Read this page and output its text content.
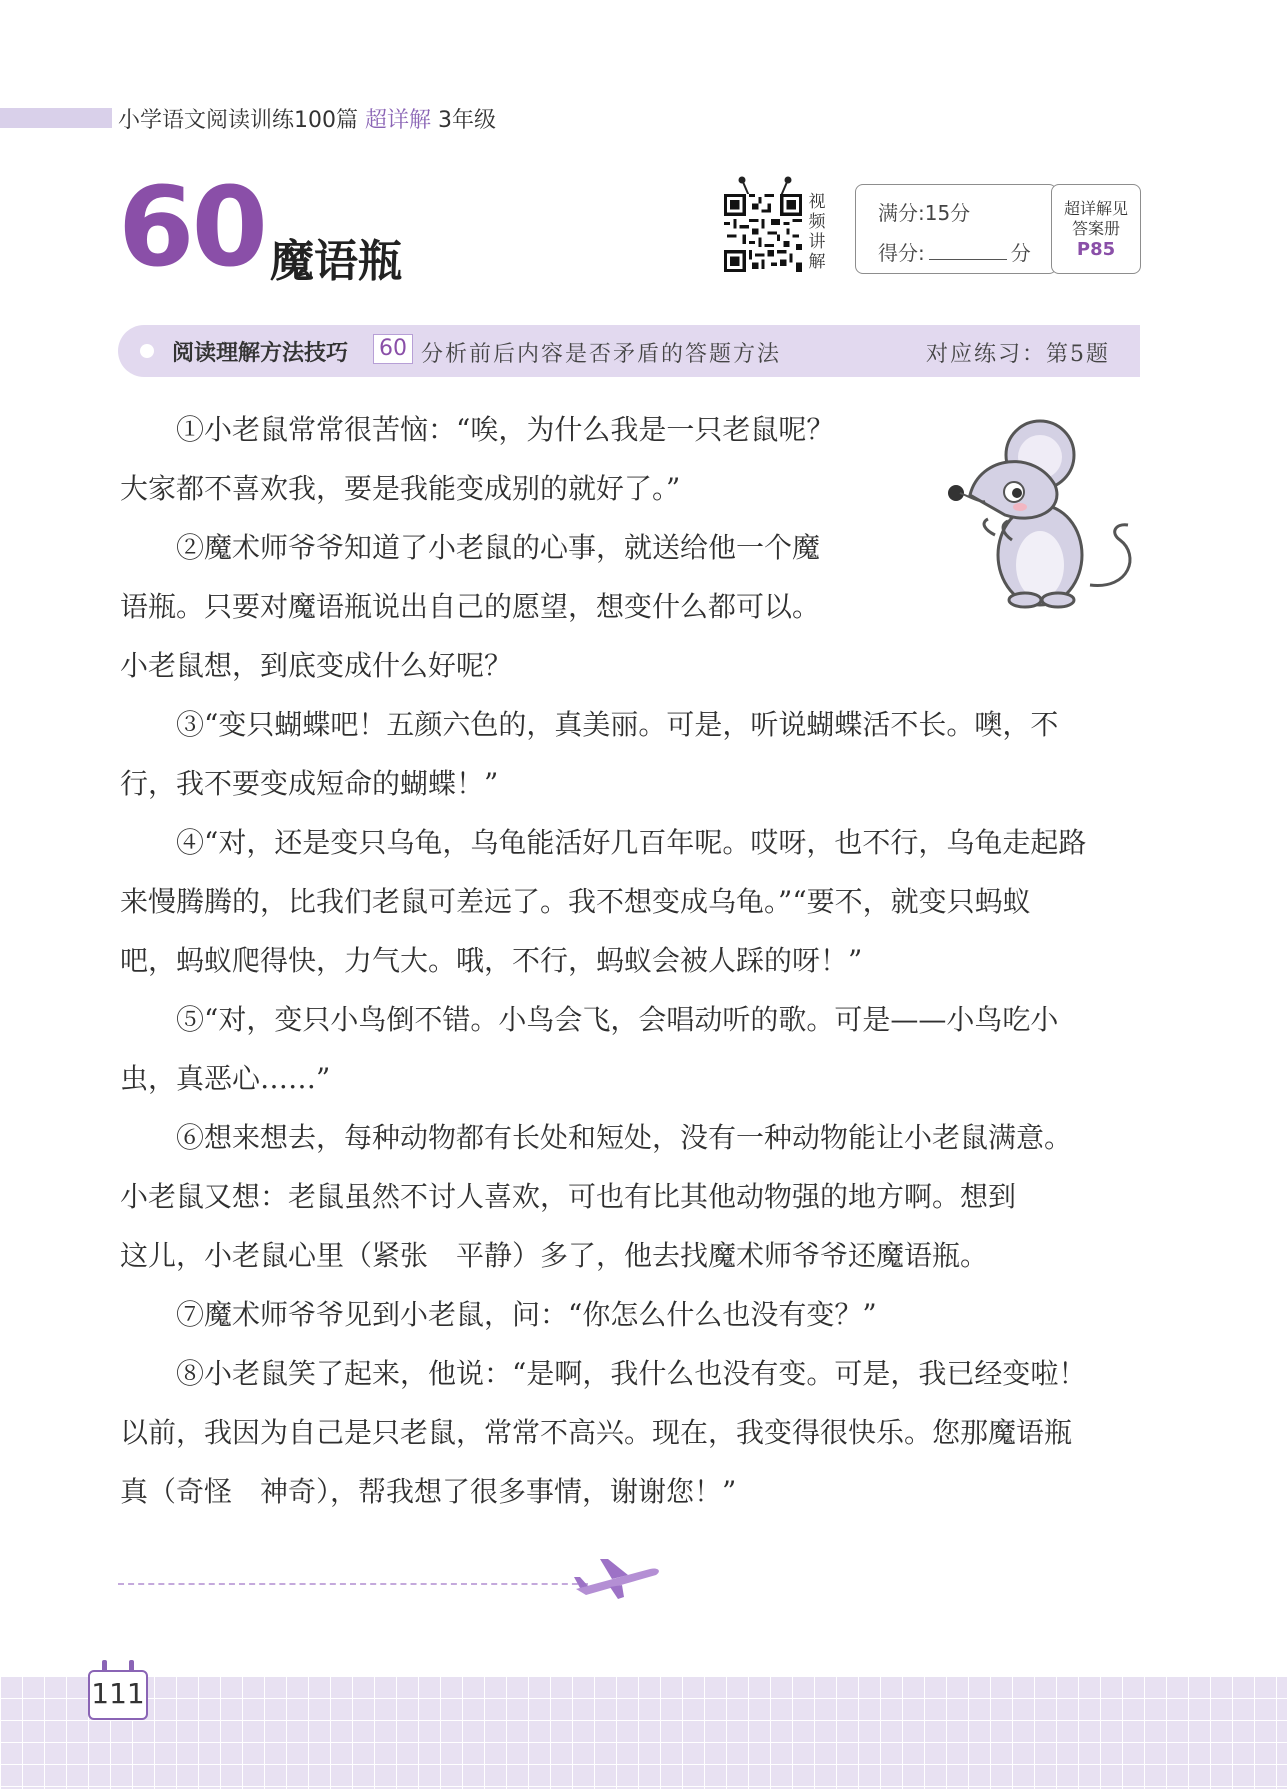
小学语文阅读训练100篇 超详解 3年级
60 魔语瓶
视
频
讲
解
满分:15分
得分:	分
超详解见
答案册
P85
阅读理解方法技巧 60 分析前后内容是否矛盾的答题方法	对应练习：第5题
　　①小老鼠常常很苦恼：“唉，为什么我是一只老鼠呢？
大家都不喜欢我，要是我能变成别的就好了。”
　　②魔术师爷爷知道了小老鼠的心事，就送给他一个魔
语瓶。只要对魔语瓶说出自己的愿望，想变什么都可以。
小老鼠想，到底变成什么好呢？
　　③“变只蝴蝶吧！五颜六色的，真美丽。可是，听说蝴蝶活不长。噢，不
行，我不要变成短命的蝴蝶！”
　　④“对，还是变只乌龟，乌龟能活好几百年呢。哎呀，也不行，乌龟走起路
来慢腾腾的，比我们老鼠可差远了。我不想变成乌龟。”“要不，就变只蚂蚁
吧，蚂蚁爬得快，力气大。哦，不行，蚂蚁会被人踩的呀！”
　　⑤“对，变只小鸟倒不错。小鸟会飞，会唱动听的歌。可是——小鸟吃小
虫，真恶心……”
　　⑥想来想去，每种动物都有长处和短处，没有一种动物能让小老鼠满意。
小老鼠又想：老鼠虽然不讨人喜欢，可也有比其他动物强的地方啊。想到
这儿，小老鼠心里（紧张　平静）多了，他去找魔术师爷爷还魔语瓶。
　　⑦魔术师爷爷见到小老鼠，问：“你怎么什么也没有变？”
　　⑧小老鼠笑了起来，他说：“是啊，我什么也没有变。可是，我已经变啦！
以前，我因为自己是只老鼠，常常不高兴。现在，我变得很快乐。您那魔语瓶
真（奇怪　神奇），帮我想了很多事情，谢谢您！”
111
